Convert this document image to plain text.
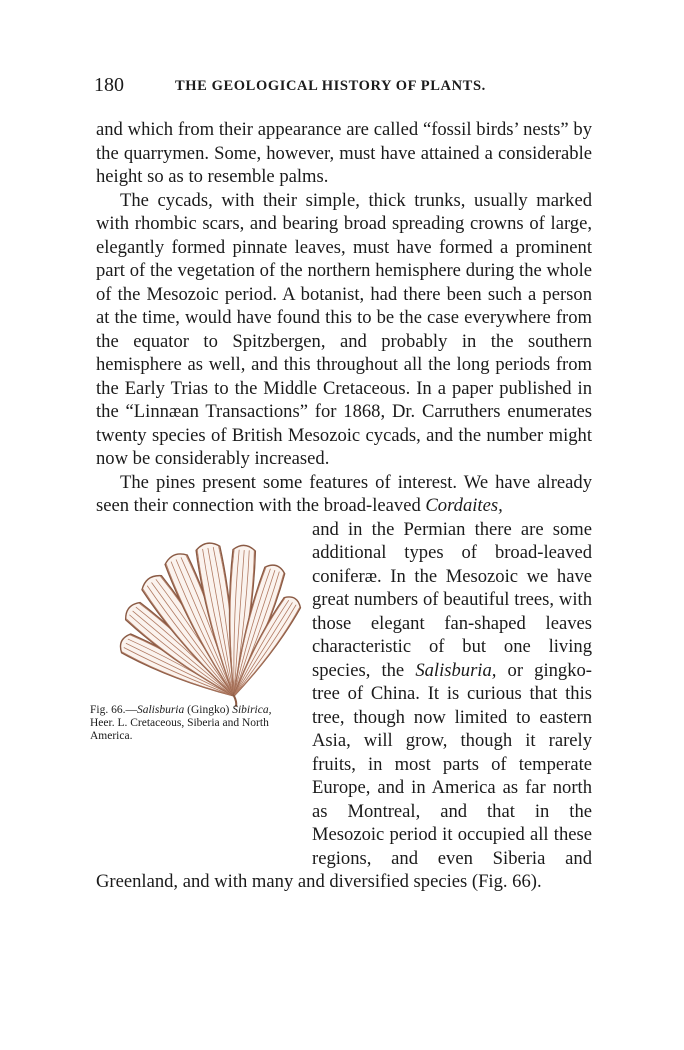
180	THE GEOLOGICAL HISTORY OF PLANTS.

and which from their appearance are called “fossil birds’ nests” by the quarrymen. Some, however, must have attained a considerable height so as to resemble palms.

The cycads, with their simple, thick trunks, usually marked with rhombic scars, and bearing broad spreading crowns of large, elegantly formed pinnate leaves, must have formed a prominent part of the vegetation of the northern hemisphere during the whole of the Mesozoic period. A botanist, had there been such a person at the time, would have found this to be the case everywhere from the equator to Spitzbergen, and probably in the southern hemisphere as well, and this throughout all the long periods from the Early Trias to the Middle Cretaceous. In a paper published in the “Linnæan Transactions” for 1868, Dr. Carruthers enumerates twenty species of British Mesozoic cycads, and the number might now be considerably increased.

The pines present some features of interest. We have already seen their connection with the broad-leaved Cordaites,

Fig. 66.—Salisburia (Gingko) Sibirica, Heer. L. Cretaceous, Siberia and North America.

and in the Permian there are some additional types of broad-leaved coniferæ. In the Mesozoic we have great numbers of beautiful trees, with those elegant fan-shaped leaves characteristic of but one living species, the Salisburia, or gingko-tree of China. It is curious that this tree, though now limited to eastern Asia, will grow, though it rarely fruits, in most parts of temperate Europe, and in America as far north as Montreal, and that in the Mesozoic period it occupied all these regions, and even Siberia and Greenland, and with many and diversified species (Fig. 66).
